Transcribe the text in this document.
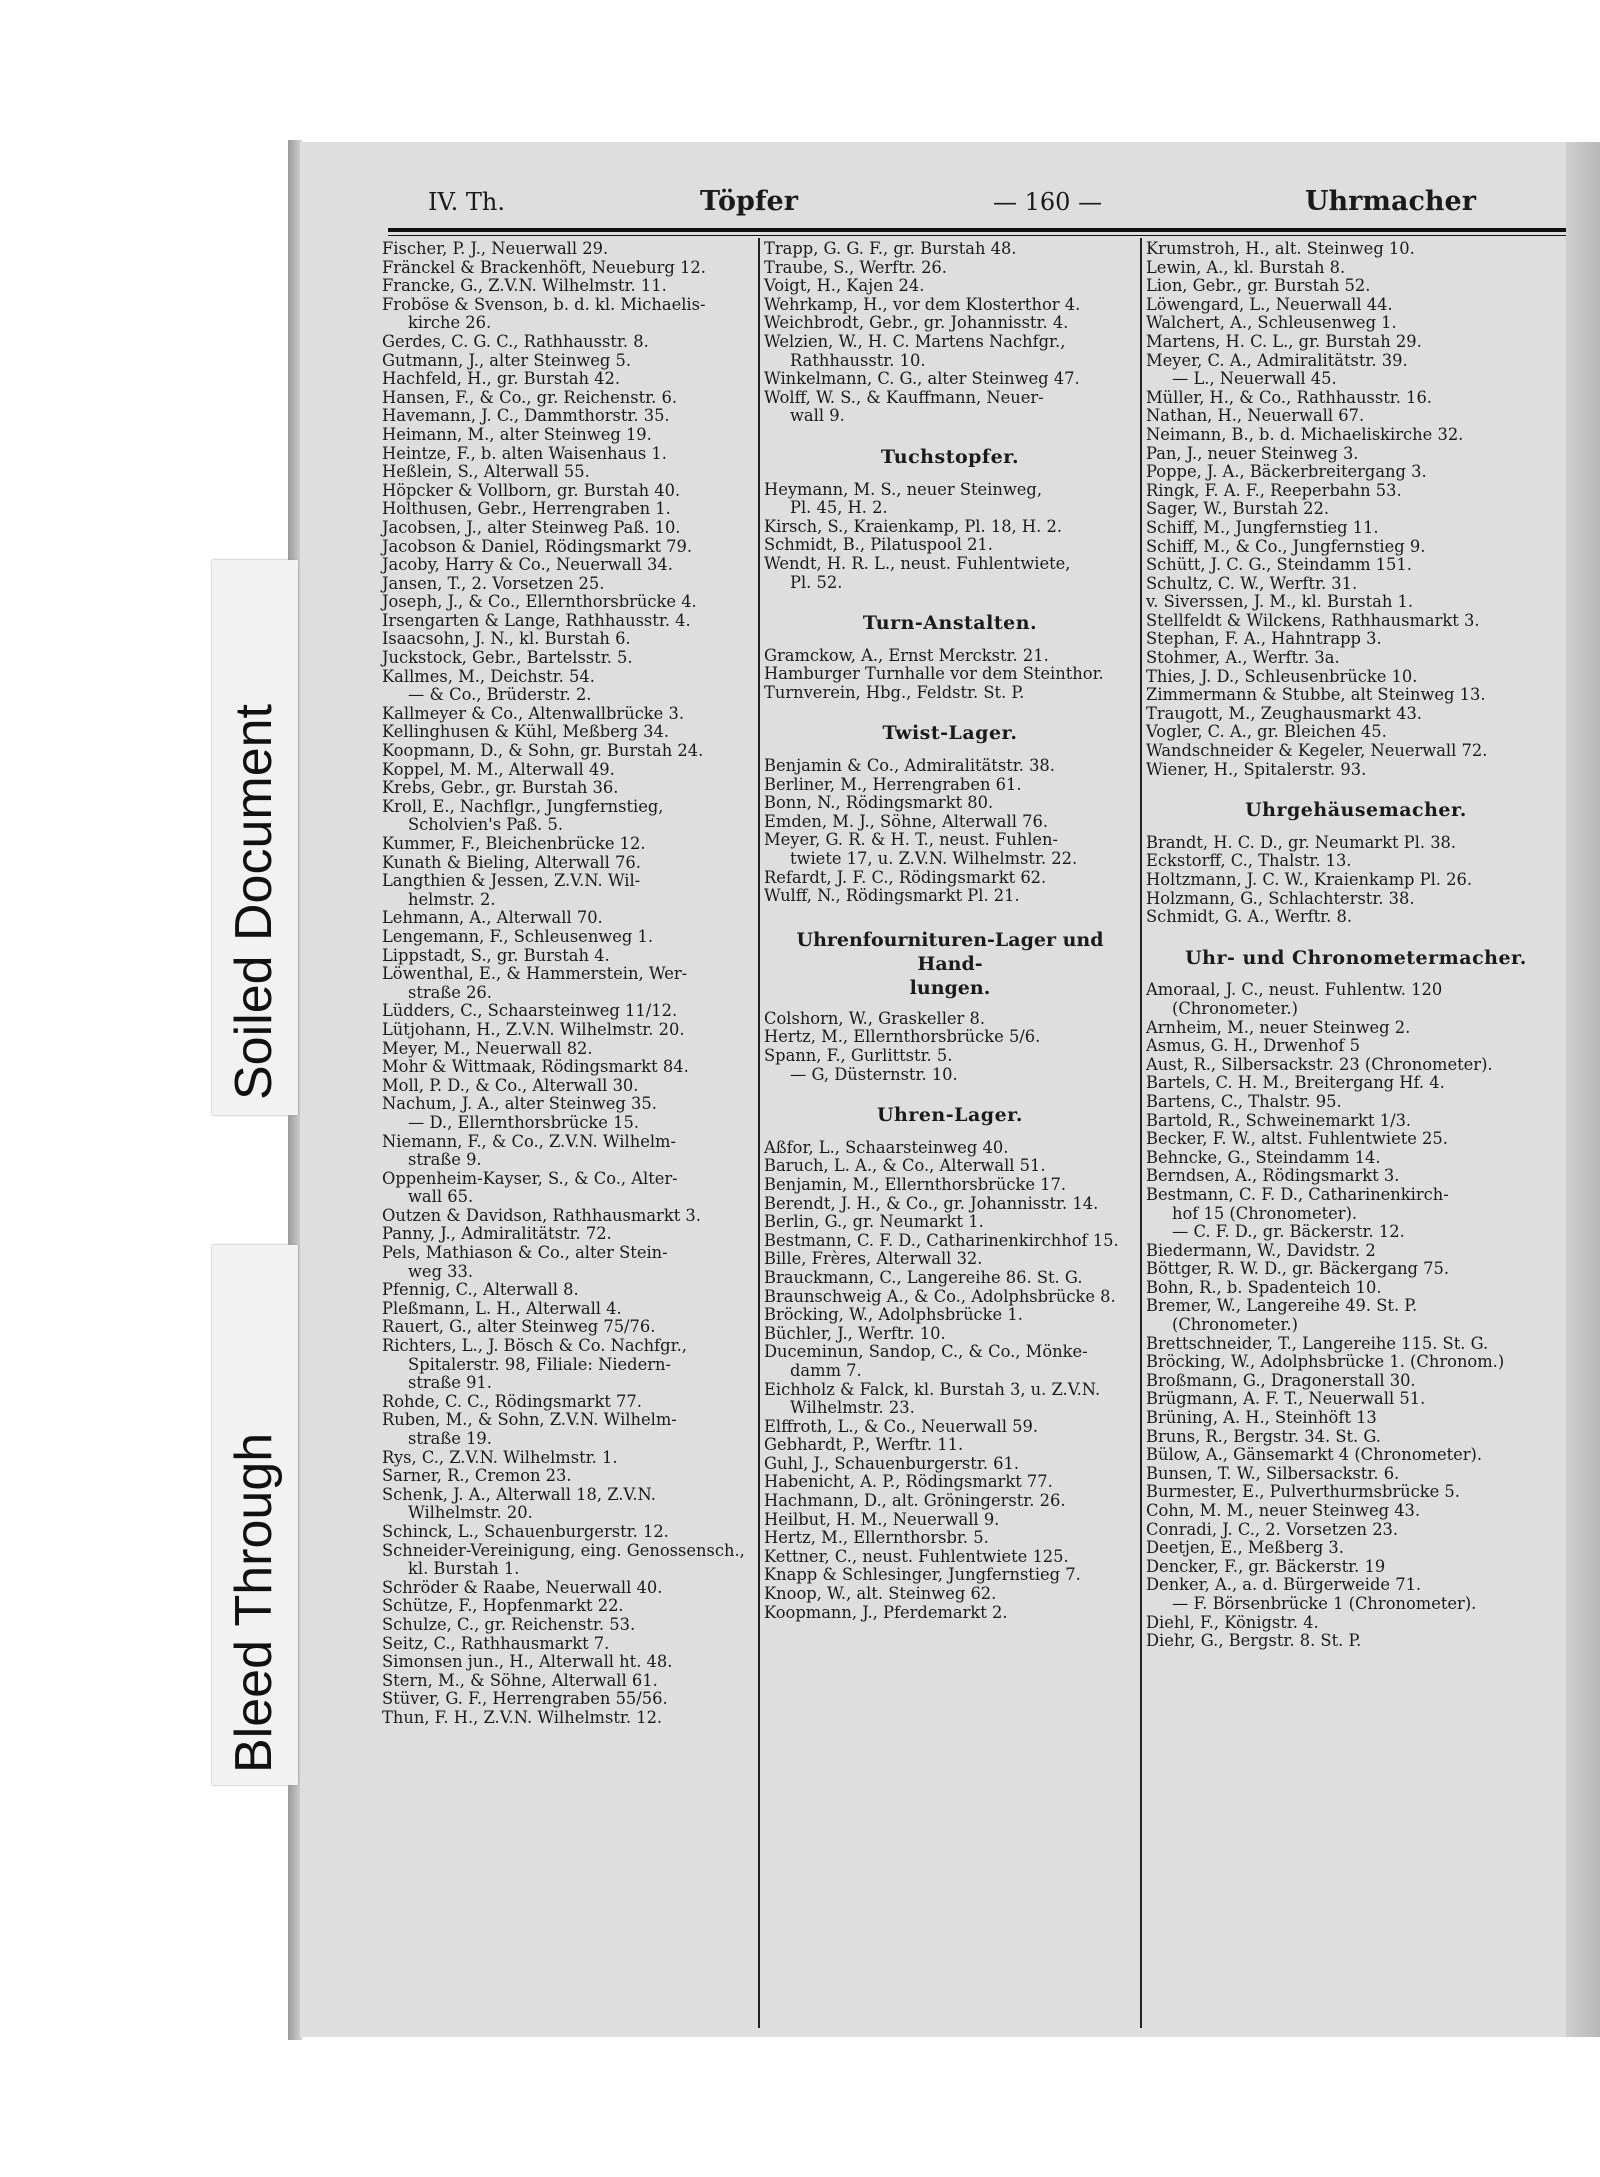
IV. Th.	Töpfer	— 160 —	Uhrmacher
Fischer, P. J., Neuerwall 29.
Fränckel & Brackenhöft, Neueburg 12.
Francke, G., Z.V.N. Wilhelmstr. 11.
Froböse & Svenson, b. d. kl. Michaelis-
kirche 26.
Gerdes, C. G. C., Rathhausstr. 8.
Gutmann, J., alter Steinweg 5.
Hachfeld, H., gr. Burstah 42.
Hansen, F., & Co., gr. Reichenstr. 6.
Havemann, J. C., Dammthorstr. 35.
Heimann, M., alter Steinweg 19.
Heintze, F., b. alten Waisenhaus 1.
Heßlein, S., Alterwall 55.
Höpcker & Vollborn, gr. Burstah 40.
Holthusen, Gebr., Herrengraben 1.
Jacobsen, J., alter Steinweg Paß. 10.
Jacobson & Daniel, Rödingsmarkt 79.
Jacoby, Harry & Co., Neuerwall 34.
Jansen, T., 2. Vorsetzen 25.
Joseph, J., & Co., Ellernthorsbrücke 4.
Irsengarten & Lange, Rathhausstr. 4.
Isaacsohn, J. N., kl. Burstah 6.
Juckstock, Gebr., Bartelsstr. 5.
Kallmes, M., Deichstr. 54.
— & Co., Brüderstr. 2.
Kallmeyer & Co., Altenwallbrücke 3.
Kellinghusen & Kühl, Meßberg 34.
Koopmann, D., & Sohn, gr. Burstah 24.
Koppel, M. M., Alterwall 49.
Krebs, Gebr., gr. Burstah 36.
Kroll, E., Nachflgr., Jungfernstieg,
Scholvien's Paß. 5.
Kummer, F., Bleichenbrücke 12.
Kunath & Bieling, Alterwall 76.
Langthien & Jessen, Z.V.N. Wil-
helmstr. 2.
Lehmann, A., Alterwall 70.
Lengemann, F., Schleusenweg 1.
Lippstadt, S., gr. Burstah 4.
Löwenthal, E., & Hammerstein, Wer-
straße 26.
Lüdders, C., Schaarsteinweg 11/12.
Lütjohann, H., Z.V.N. Wilhelmstr. 20.
Meyer, M., Neuerwall 82.
Mohr & Wittmaak, Rödingsmarkt 84.
Moll, P. D., & Co., Alterwall 30.
Nachum, J. A., alter Steinweg 35.
— D., Ellernthorsbrücke 15.
Niemann, F., & Co., Z.V.N. Wilhelm-
straße 9.
Oppenheim-Kayser, S., & Co., Alter-
wall 65.
Outzen & Davidson, Rathhausmarkt 3.
Panny, J., Admiralitätstr. 72.
Pels, Mathiason & Co., alter Stein-
weg 33.
Pfennig, C., Alterwall 8.
Pleßmann, L. H., Alterwall 4.
Rauert, G., alter Steinweg 75/76.
Richters, L., J. Bösch & Co. Nachfgr.,
Spitalerstr. 98, Filiale: Niedern-
straße 91.
Rohde, C. C., Rödingsmarkt 77.
Ruben, M., & Sohn, Z.V.N. Wilhelm-
straße 19.
Rys, C., Z.V.N. Wilhelmstr. 1.
Sarner, R., Cremon 23.
Schenk, J. A., Alterwall 18, Z.V.N.
Wilhelmstr. 20.
Schinck, L., Schauenburgerstr. 12.
Schneider-Vereinigung, eing. Genossensch.,
kl. Burstah 1.
Schröder & Raabe, Neuerwall 40.
Schütze, F., Hopfenmarkt 22.
Schulze, C., gr. Reichenstr. 53.
Seitz, C., Rathhausmarkt 7.
Simonsen jun., H., Alterwall ht. 48.
Stern, M., & Söhne, Alterwall 61.
Stüver, G. F., Herrengraben 55/56.
Thun, F. H., Z.V.N. Wilhelmstr. 12.
Trapp, G. G. F., gr. Burstah 48.
Traube, S., Werftr. 26.
Voigt, H., Kajen 24.
Wehrkamp, H., vor dem Klosterthor 4.
Weichbrodt, Gebr., gr. Johannisstr. 4.
Welzien, W., H. C. Martens Nachfgr.,
Rathhausstr. 10.
Winkelmann, C. G., alter Steinweg 47.
Wolff, W. S., & Kauffmann, Neuer-
wall 9.
Tuchstopfer.
Heymann, M. S., neuer Steinweg,
Pl. 45, H. 2.
Kirsch, S., Kraienkamp, Pl. 18, H. 2.
Schmidt, B., Pilatuspool 21.
Wendt, H. R. L., neust. Fuhlentwiete,
Pl. 52.
Turn-Anstalten.
Gramckow, A., Ernst Merckstr. 21.
Hamburger Turnhalle vor dem Steinthor.
Turnverein, Hbg., Feldstr. St. P.
Twist-Lager.
Benjamin & Co., Admiralitätstr. 38.
Berliner, M., Herrengraben 61.
Bonn, N., Rödingsmarkt 80.
Emden, M. J., Söhne, Alterwall 76.
Meyer, G. R. & H. T., neust. Fuhlen-
twiete 17, u. Z.V.N. Wilhelmstr. 22.
Refardt, J. F. C., Rödingsmarkt 62.
Wulff, N., Rödingsmarkt Pl. 21.
Uhrenfournituren-Lager und Hand-
lungen.
Colshorn, W., Graskeller 8.
Hertz, M., Ellernthorsbrücke 5/6.
Spann, F., Gurlittstr. 5.
— G, Düsternstr. 10.
Uhren-Lager.
Aßfor, L., Schaarsteinweg 40.
Baruch, L. A., & Co., Alterwall 51.
Benjamin, M., Ellernthorsbrücke 17.
Berendt, J. H., & Co., gr. Johannisstr. 14.
Berlin, G., gr. Neumarkt 1.
Bestmann, C. F. D., Catharinenkirchhof 15.
Bille, Frères, Alterwall 32.
Brauckmann, C., Langereihe 86. St. G.
Braunschweig A., & Co., Adolphsbrücke 8.
Bröcking, W., Adolphsbrücke 1.
Büchler, J., Werftr. 10.
Duceminun, Sandop, C., & Co., Mönke-
damm 7.
Eichholz & Falck, kl. Burstah 3, u. Z.V.N.
Wilhelmstr. 23.
Elffroth, L., & Co., Neuerwall 59.
Gebhardt, P., Werftr. 11.
Guhl, J., Schauenburgerstr. 61.
Habenicht, A. P., Rödingsmarkt 77.
Hachmann, D., alt. Gröningerstr. 26.
Heilbut, H. M., Neuerwall 9.
Hertz, M., Ellernthorsbr. 5.
Kettner, C., neust. Fuhlentwiete 125.
Knapp & Schlesinger, Jungfernstieg 7.
Knoop, W., alt. Steinweg 62.
Koopmann, J., Pferdemarkt 2.
Krumstroh, H., alt. Steinweg 10.
Lewin, A., kl. Burstah 8.
Lion, Gebr., gr. Burstah 52.
Löwengard, L., Neuerwall 44.
Walchert, A., Schleusenweg 1.
Martens, H. C. L., gr. Burstah 29.
Meyer, C. A., Admiralitätstr. 39.
— L., Neuerwall 45.
Müller, H., & Co., Rathhausstr. 16.
Nathan, H., Neuerwall 67.
Neimann, B., b. d. Michaeliskirche 32.
Pan, J., neuer Steinweg 3.
Poppe, J. A., Bäckerbreitergang 3.
Ringk, F. A. F., Reeperbahn 53.
Sager, W., Burstah 22.
Schiff, M., Jungfernstieg 11.
Schiff, M., & Co., Jungfernstieg 9.
Schütt, J. C. G., Steindamm 151.
Schultz, C. W., Werftr. 31.
v. Siverssen, J. M., kl. Burstah 1.
Stellfeldt & Wilckens, Rathhausmarkt 3.
Stephan, F. A., Hahntrapp 3.
Stohmer, A., Werftr. 3a.
Thies, J. D., Schleusenbrücke 10.
Zimmermann & Stubbe, alt Steinweg 13.
Traugott, M., Zeughausmarkt 43.
Vogler, C. A., gr. Bleichen 45.
Wandschneider & Kegeler, Neuerwall 72.
Wiener, H., Spitalerstr. 93.
Uhrgehäusemacher.
Brandt, H. C. D., gr. Neumarkt Pl. 38.
Eckstorff, C., Thalstr. 13.
Holtzmann, J. C. W., Kraienkamp Pl. 26.
Holzmann, G., Schlachterstr. 38.
Schmidt, G. A., Werftr. 8.
Uhr- und Chronometermacher.
Amoraal, J. C., neust. Fuhlentw. 120
(Chronometer.)
Arnheim, M., neuer Steinweg 2.
Asmus, G. H., Drwenhof 5
Aust, R., Silbersackstr. 23 (Chronometer).
Bartels, C. H. M., Breitergang Hf. 4.
Bartens, C., Thalstr. 95.
Bartold, R., Schweinemarkt 1/3.
Becker, F. W., altst. Fuhlentwiete 25.
Behncke, G., Steindamm 14.
Berndsen, A., Rödingsmarkt 3.
Bestmann, C. F. D., Catharinenkirch-
hof 15 (Chronometer).
— C. F. D., gr. Bäckerstr. 12.
Biedermann, W., Davidstr. 2
Böttger, R. W. D., gr. Bäckergang 75.
Bohn, R., b. Spadenteich 10.
Bremer, W., Langereihe 49. St. P.
(Chronometer.)
Brettschneider, T., Langereihe 115. St. G.
Bröcking, W., Adolphsbrücke 1. (Chronom.)
Broßmann, G., Dragonerstall 30.
Brügmann, A. F. T., Neuerwall 51.
Brüning, A. H., Steinhöft 13
Bruns, R., Bergstr. 34. St. G.
Bülow, A., Gänsemarkt 4 (Chronometer).
Bunsen, T. W., Silbersackstr. 6.
Burmester, E., Pulverthurmsbrücke 5.
Cohn, M. M., neuer Steinweg 43.
Conradi, J. C., 2. Vorsetzen 23.
Deetjen, E., Meßberg 3.
Dencker, F., gr. Bäckerstr. 19
Denker, A., a. d. Bürgerweide 71.
— F. Börsenbrücke 1 (Chronometer).
Diehl, F., Königstr. 4.
Diehr, G., Bergstr. 8. St. P.
Soiled Document
Bleed Through
